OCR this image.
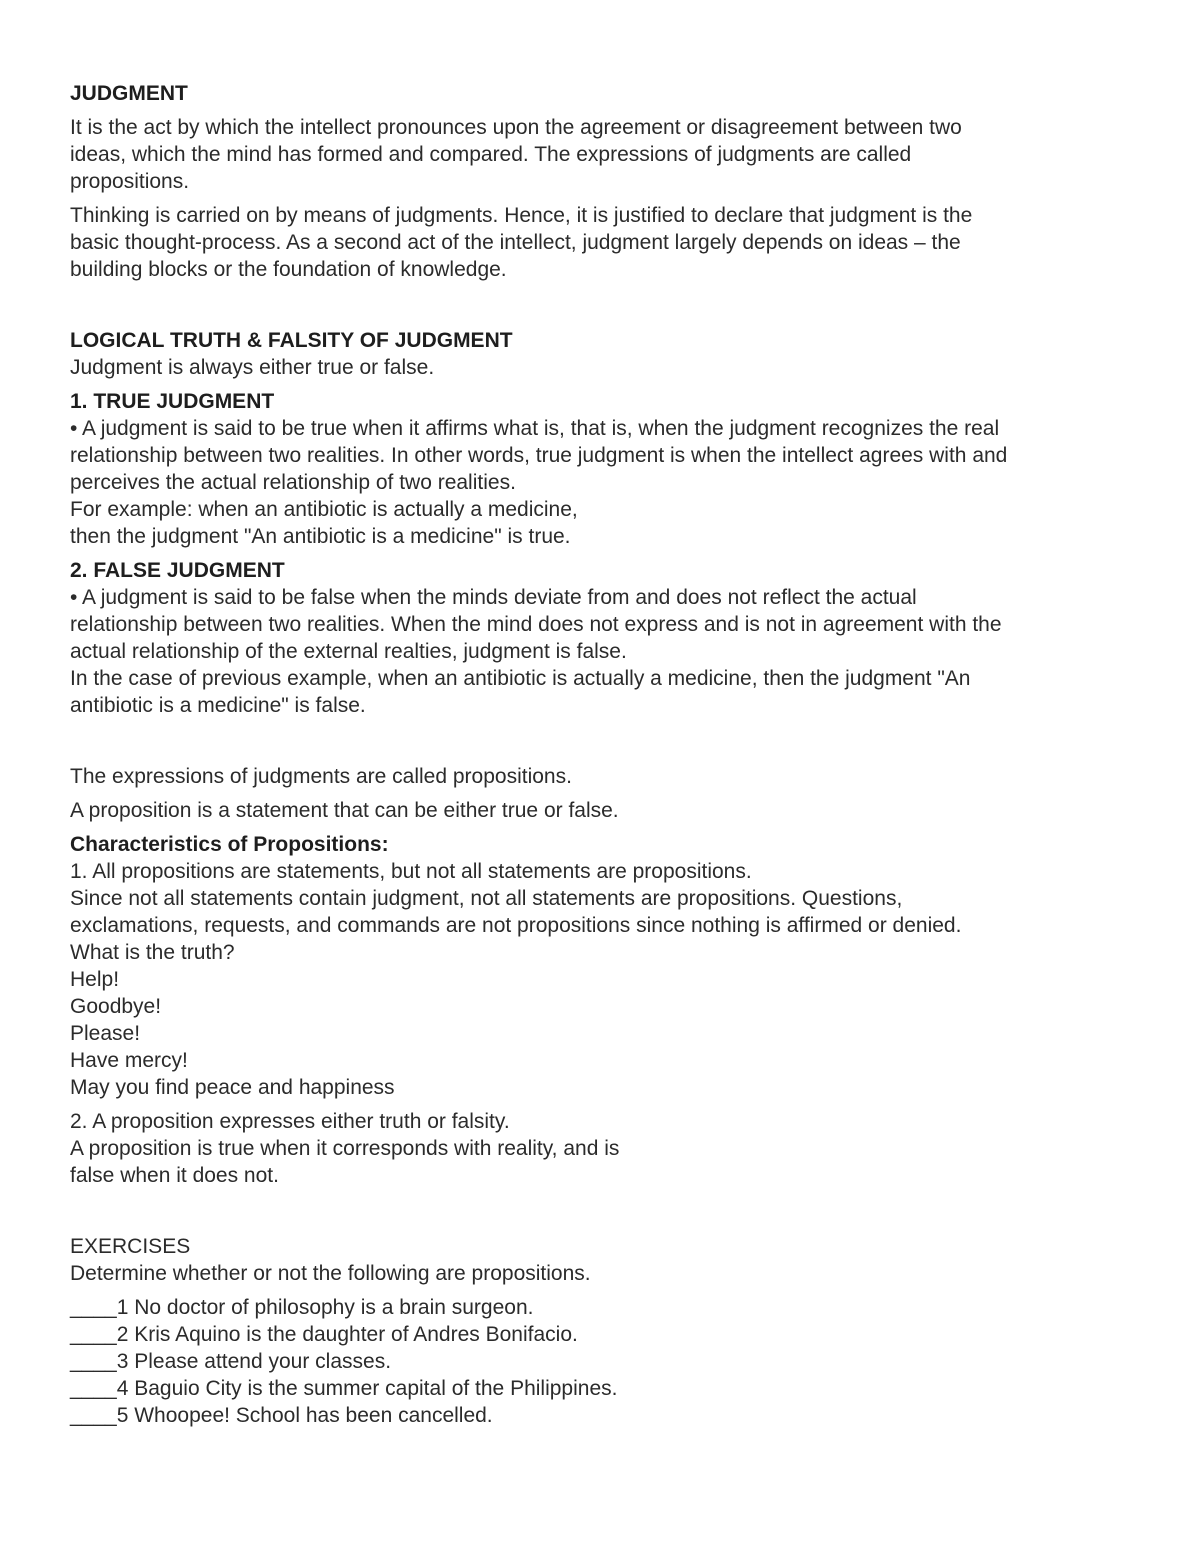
JUDGMENT
It is the act by which the intellect pronounces upon the agreement or disagreement between two
ideas, which the mind has formed and compared. The expressions of judgments are called
propositions.
Thinking is carried on by means of judgments. Hence, it is justified to declare that judgment is the
basic thought-process. As a second act of the intellect, judgment largely depends on ideas – the
building blocks or the foundation of knowledge.
LOGICAL TRUTH & FALSITY OF JUDGMENT
Judgment is always either true or false.
1. TRUE JUDGMENT
• A judgment is said to be true when it affirms what is, that is, when the judgment recognizes the real
relationship between two realities. In other words, true judgment is when the intellect agrees with and
perceives the actual relationship of two realities.
For example: when an antibiotic is actually a medicine,
then the judgment "An antibiotic is a medicine" is true.
2. FALSE JUDGMENT
• A judgment is said to be false when the minds deviate from and does not reflect the actual
relationship between two realities. When the mind does not express and is not in agreement with the
actual relationship of the external realties, judgment is false.
In the case of previous example, when an antibiotic is actually a medicine, then the judgment "An
antibiotic is a medicine" is false.
The expressions of judgments are called propositions.
A proposition is a statement that can be either true or false.
Characteristics of Propositions:
1. All propositions are statements, but not all statements are propositions.
Since not all statements contain judgment, not all statements are propositions. Questions,
exclamations, requests, and commands are not propositions since nothing is affirmed or denied.
What is the truth?
Help!
Goodbye!
Please!
Have mercy!
May you find peace and happiness
2. A proposition expresses either truth or falsity.
A proposition is true when it corresponds with reality, and is
false when it does not.
EXERCISES
Determine whether or not the following are propositions.
____1 No doctor of philosophy is a brain surgeon.
____2 Kris Aquino is the daughter of Andres Bonifacio.
____3 Please attend your classes.
____4 Baguio City is the summer capital of the Philippines.
____5 Whoopee! School has been cancelled.
